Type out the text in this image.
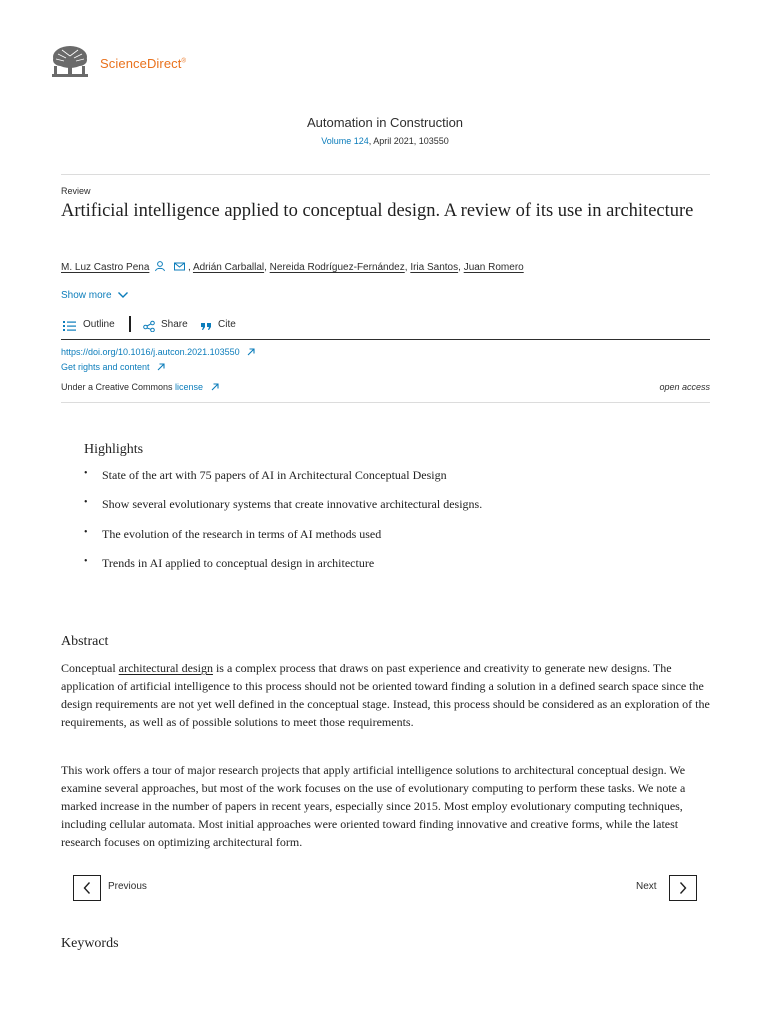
ScienceDirect®
Automation in Construction
Volume 124, April 2021, 103550
Review
Artificial intelligence applied to conceptual design. A review of its use in architecture
M. Luz Castro Pena	, Adrián Carballal, Nereida Rodríguez-Fernández, Iria Santos, Juan Romero
Show more
Outline	Share	Cite
https://doi.org/10.1016/j.autcon.2021.103550
Get rights and content
Under a Creative Commons license	open access
Highlights
• State of the art with 75 papers of AI in Architectural Conceptual Design
• Show several evolutionary systems that create innovative architectural designs.
• The evolution of the research in terms of AI methods used
• Trends in AI applied to conceptual design in architecture
Abstract
Conceptual architectural design is a complex process that draws on past experience and creativity to generate new designs. The application of artificial intelligence to this process should not be oriented toward finding a solution in a defined search space since the design requirements are not yet well defined in the conceptual stage. Instead, this process should be considered as an exploration of the requirements, as well as of possible solutions to meet those requirements.
This work offers a tour of major research projects that apply artificial intelligence solutions to architectural conceptual design. We examine several approaches, but most of the work focuses on the use of evolutionary computing to perform these tasks. We note a marked increase in the number of papers in recent years, especially since 2015. Most employ evolutionary computing techniques, including cellular automata. Most initial approaches were oriented toward finding innovative and creative forms, while the latest research focuses on optimizing architectural form.
Previous	Next
Keywords
